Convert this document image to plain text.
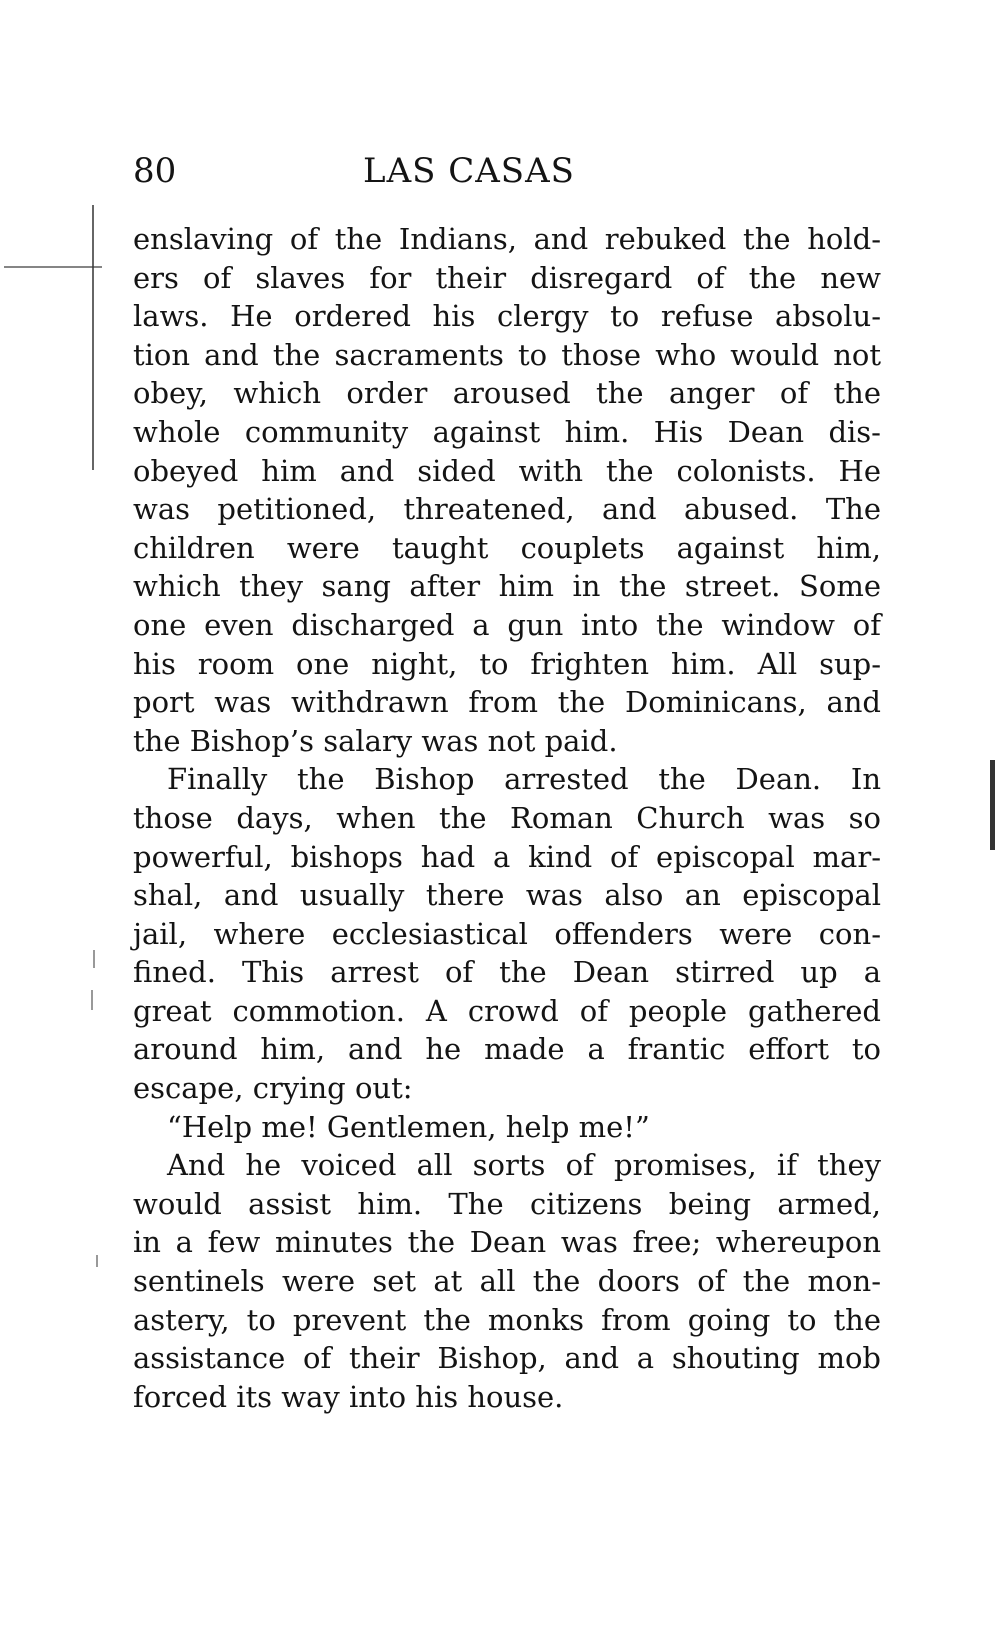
80	LAS CASAS
enslaving of the Indians, and rebuked the hold-
ers of slaves for their disregard of the new
laws. He ordered his clergy to refuse absolu-
tion and the sacraments to those who would not
obey, which order aroused the anger of the
whole community against him. His Dean dis-
obeyed him and sided with the colonists. He
was petitioned, threatened, and abused. The
children were taught couplets against him,
which they sang after him in the street. Some
one even discharged a gun into the window of
his room one night, to frighten him. All sup-
port was withdrawn from the Dominicans, and
the Bishop’s salary was not paid.
Finally the Bishop arrested the Dean. In
those days, when the Roman Church was so
powerful, bishops had a kind of episcopal mar-
shal, and usually there was also an episcopal
jail, where ecclesiastical offenders were con-
fined. This arrest of the Dean stirred up a
great commotion. A crowd of people gathered
around him, and he made a frantic effort to
escape, crying out:
“Help me! Gentlemen, help me!”
And he voiced all sorts of promises, if they
would assist him. The citizens being armed,
in a few minutes the Dean was free; whereupon
sentinels were set at all the doors of the mon-
astery, to prevent the monks from going to the
assistance of their Bishop, and a shouting mob
forced its way into his house.
